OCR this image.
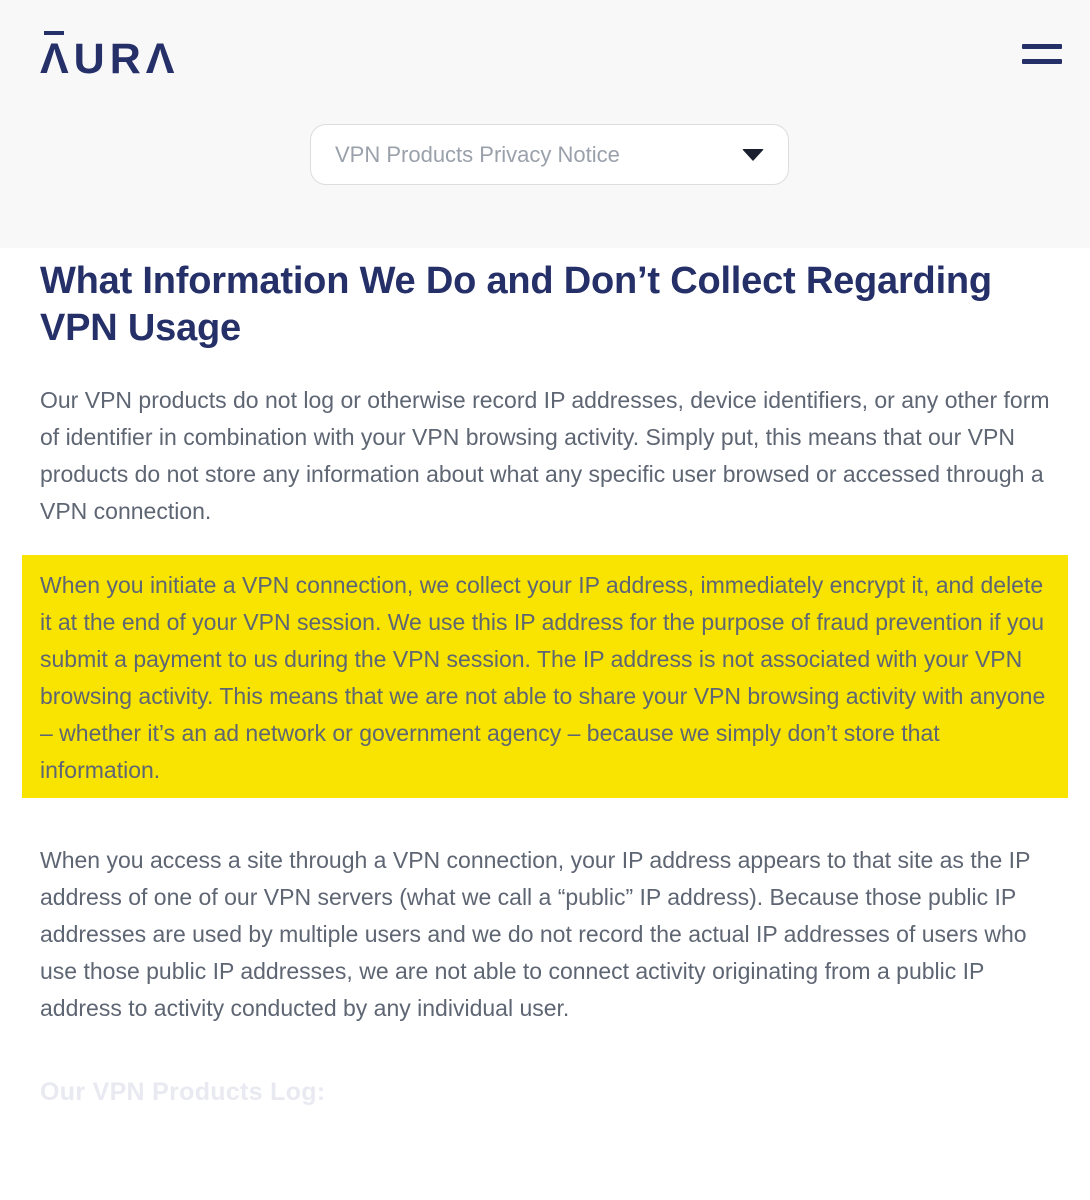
ΛURΛ
VPN Products Privacy Notice
What Information We Do and Don’t Collect Regarding VPN Usage

Our VPN products do not log or otherwise record IP addresses, device identifiers, or any other form of identifier in combination with your VPN browsing activity. Simply put, this means that our VPN products do not store any information about what any specific user browsed or accessed through a VPN connection.

When you initiate a VPN connection, we collect your IP address, immediately encrypt it, and delete it at the end of your VPN session. We use this IP address for the purpose of fraud prevention if you submit a payment to us during the VPN session. The IP address is not associated with your VPN browsing activity. This means that we are not able to share your VPN browsing activity with anyone – whether it’s an ad network or government agency – because we simply don’t store that information.

When you access a site through a VPN connection, your IP address appears to that site as the IP address of one of our VPN servers (what we call a “public” IP address). Because those public IP addresses are used by multiple users and we do not record the actual IP addresses of users who use those public IP addresses, we are not able to connect activity originating from a public IP address to activity conducted by any individual user.

Our VPN Products Log:
